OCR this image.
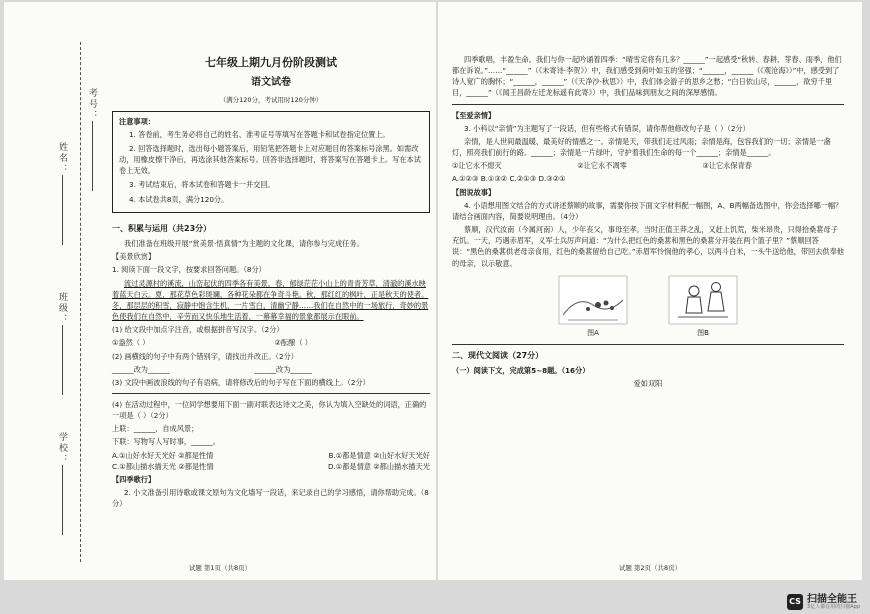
考号：
姓名：
班级：
学校：
七年级上期九月份阶段测试
语文试卷
（满分120分，考试用时120分钟）
注意事项：

1. 答卷前，考生务必将自己的姓名、准考证号等填写在答题卡和试卷指定位置上。

2. 回答选择题时，选出每小题答案后，用铅笔把答题卡上对应题目的答案标号涂黑。如需改动，用橡皮擦干净后，再选涂其他答案标号。回答非选择题时，将答案写在答题卡上。写在本试卷上无效。

3. 考试结束后，将本试卷和答题卡一并交回。

4. 本试卷共8页，满分120分。

一、积累与运用（共23分）

我们准备在班级开展“赏美景·悟真情”为主题的文化课，请你参与完成任务。

【美景欣赏】

1. 阅读下面一段文字，按要求回答问题。（8分）

流过灵源村的溪流，山峦起伏的四季各有美景。春，郁绿茫茫小山上的青青芳草，清澈的溪水映着蓝天白云。夏，那花草色彩斑斓，各种花朵都在争奇斗艳。秋，那红红的枫叶，正是秋天的使者。冬，那层层的积雪，寂静中饱含生机，一片雪白，清幽宁静……我们在自然中的一场旅行，奇妙的景色使我们在自然中，辛劳而又快乐地生活着，一幕幕幸福的景象都展示在眼前。

(1) 给文段中加点字注音，或根据拼音写汉字。（2分）

①盎然（ ）	②酝酿（ ）

(2) 画横线的句子中有两个错别字，请找出并改正。（2分）

______改为______	______改为______

(3) 文段中画波浪线的句子有语病，请将修改后的句子写在下面的横线上。（2分）

(4) 在活动过程中，一位同学想要用下面一副对联表达诗文之美，你认为填入空缺处的词语，正确的一项是（ ）（2分）

上联：______，自成风景；

下联：写物写人写时事，______。

A.①山好水好天光好 ②都是性情	B.①都是情意 ②山好水好天光好
C.①都山描水描天光 ②都是性情	D.①都是情意 ②都山描水描天光

【四季歌行】

2. 小文准备引用诗歌或课文原句为文化墙写一段话，来记录自己的学习感悟，请你帮助完成。（8分）

试题 第1页（共8页）

四季歌唱，丰盈生命。我们与你一起吟诵着四季：“晴雪定将有几多？______”一起感受“秋转、春耕、芽春、雨季，他们都在诉说。”……“______”（《未寄诗·李贺》）中，我们感受到荷叶如玉的坚强；“______，______（《观沧海》）”中，感受到了诗人宽广的胸怀；“______，______”（《天净沙·秋思》）中，我们体会游子的思乡之愁；“白日依山尽，______，欲穷千里目，______”（《闻王昌龄左迁龙标遥有此寄》）中，我们品味到朋友之间的深厚感情。

【至爱亲情】

3. 小科以“亲情”为主题写了一段话，但有些格式有错误，请你帮他修改句子是（ ）（2分）

亲情，是人世间最温暖、最美好的情感之一。亲情是天，带我们走过风雨；亲情是海，包容我们的一切；亲情是一盏灯，照亮我们前行的路。______；亲情是一片绿叶，守护着我们生命的每一个______；亲情是______。

①让它永不熄灭	②让它永不凋零	③让它永保青春

A.①②③ B.①③② C.②①③ D.③②①

【图说故事】

4. 小语想用图文结合的方式讲述蔡顺的故事，需要你按下面文字材料配一幅图，A、B两幅备选图中，你会选择哪一幅？请结合画面内容，简要说明理由。（4分）

蔡顺，汉代汝南（今属河南）人，少年丧父，事母至孝。当时正值王莽之乱，又赶上饥荒，柴米昂贵，只得拾桑葚母子充饥。一天，巧遇赤眉军，义军士兵厉声问道：“为什么把红色的桑葚和黑色的桑葚分开装在两个篮子里？”蔡顺回答说：“黑色的桑葚供老母亲食用，红色的桑葚留给自己吃。”赤眉军怜悯他的孝心，以两斗白米，一头牛送给他，带回去供奉他的母亲，以示敬意。

图A	图B
二、现代文阅读（27分）

（一）阅读下文，完成第5~8题。（16分）

爱如双阳

试题 第2页（共8页）
CS 扫描全能王
3亿人都在用的扫描App
